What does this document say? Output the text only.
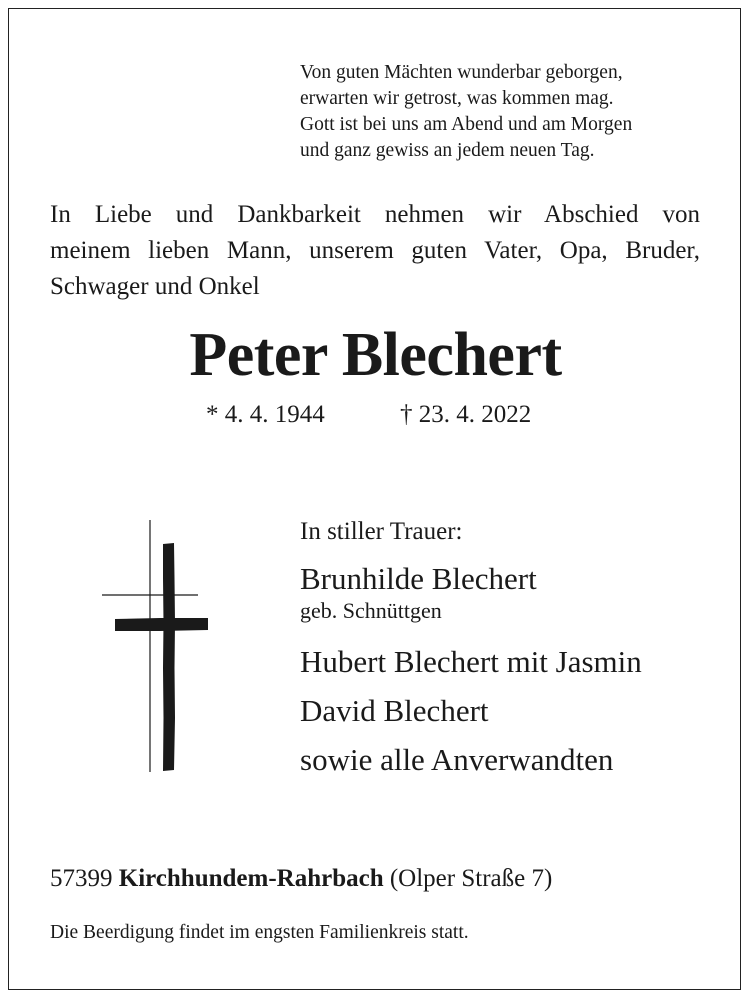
Von guten Mächten wunderbar geborgen,
erwarten wir getrost, was kommen mag.
Gott ist bei uns am Abend und am Morgen
und ganz gewiss an jedem neuen Tag.
In Liebe und Dankbarkeit nehmen wir Abschied von
meinem lieben Mann, unserem guten Vater, Opa, Bruder,
Schwager und Onkel
Peter Blechert
* 4. 4. 1944	† 23. 4. 2022
In stiller Trauer:
Brunhilde Blechert
geb. Schnüttgen
Hubert Blechert mit Jasmin
David Blechert
sowie alle Anverwandten
57399 Kirchhundem-Rahrbach (Olper Straße 7)
Die Beerdigung findet im engsten Familienkreis statt.
